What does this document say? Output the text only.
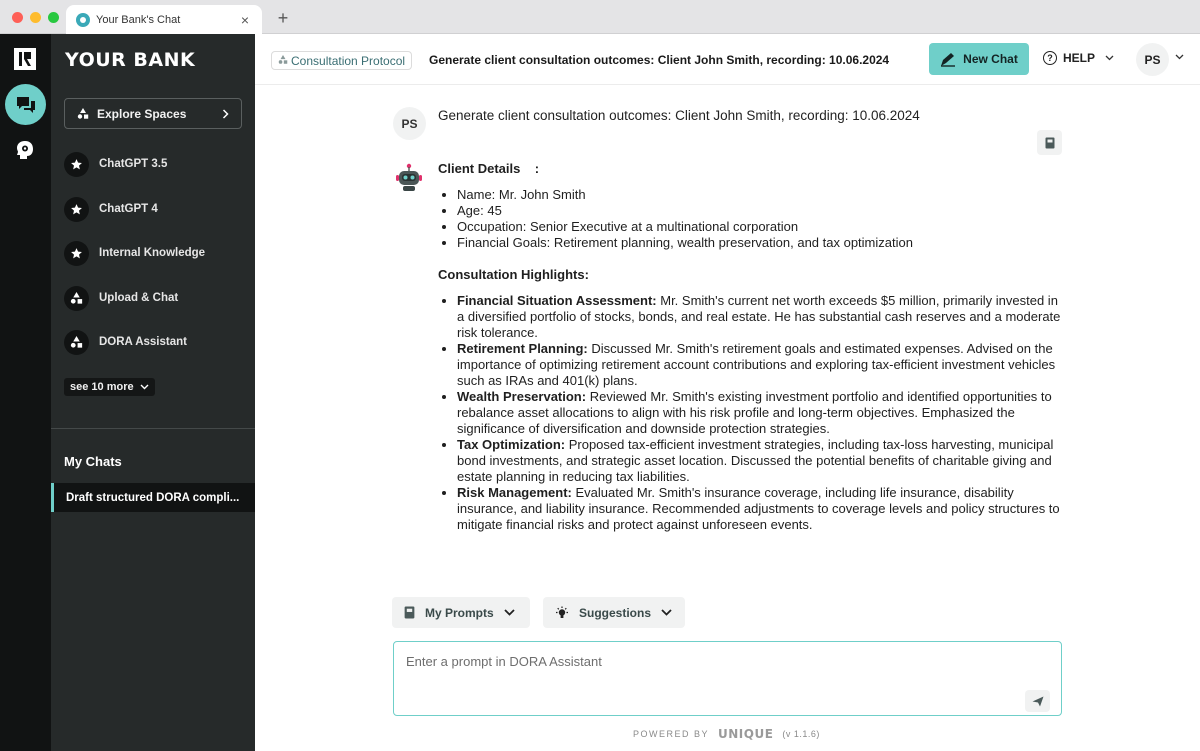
Your Bank's Chat	× +
YOUR BANK
Explore Spaces
ChatGPT 3.5
ChatGPT 4
Internal Knowledge
Upload & Chat
DORA Assistant
see 10 more
My Chats
Draft structured DORA compli...
Consultation Protocol Generate client consultation outcomes: Client John Smith, recording: 10.06.2024	New Chat	? HELP	PS
PS
Generate client consultation outcomes: Client John Smith, recording: 10.06.2024
Client Details    :
• Name: Mr. John Smith
• Age: 45
• Occupation: Senior Executive at a multinational corporation
• Financial Goals: Retirement planning, wealth preservation, and tax optimization
Consultation Highlights:
• Financial Situation Assessment: Mr. Smith's current net worth exceeds $5 million, primarily invested in a diversified portfolio of stocks, bonds, and real estate. He has substantial cash reserves and a moderate risk tolerance.
• Retirement Planning: Discussed Mr. Smith's retirement goals and estimated expenses. Advised on the importance of optimizing retirement account contributions and exploring tax-efficient investment vehicles such as IRAs and 401(k) plans.
• Wealth Preservation: Reviewed Mr. Smith's existing investment portfolio and identified opportunities to rebalance asset allocations to align with his risk profile and long-term objectives. Emphasized the significance of diversification and downside protection strategies.
• Tax Optimization: Proposed tax-efficient investment strategies, including tax-loss harvesting, municipal bond investments, and strategic asset location. Discussed the potential benefits of charitable giving and estate planning in reducing tax liabilities.
• Risk Management: Evaluated Mr. Smith's insurance coverage, including life insurance, disability insurance, and liability insurance. Recommended adjustments to coverage levels and policy structures to mitigate financial risks and protect against unforeseen events.
My Prompts	Suggestions
Enter a prompt in DORA Assistant
POWERED BY UNIQUE (v 1.1.6)
